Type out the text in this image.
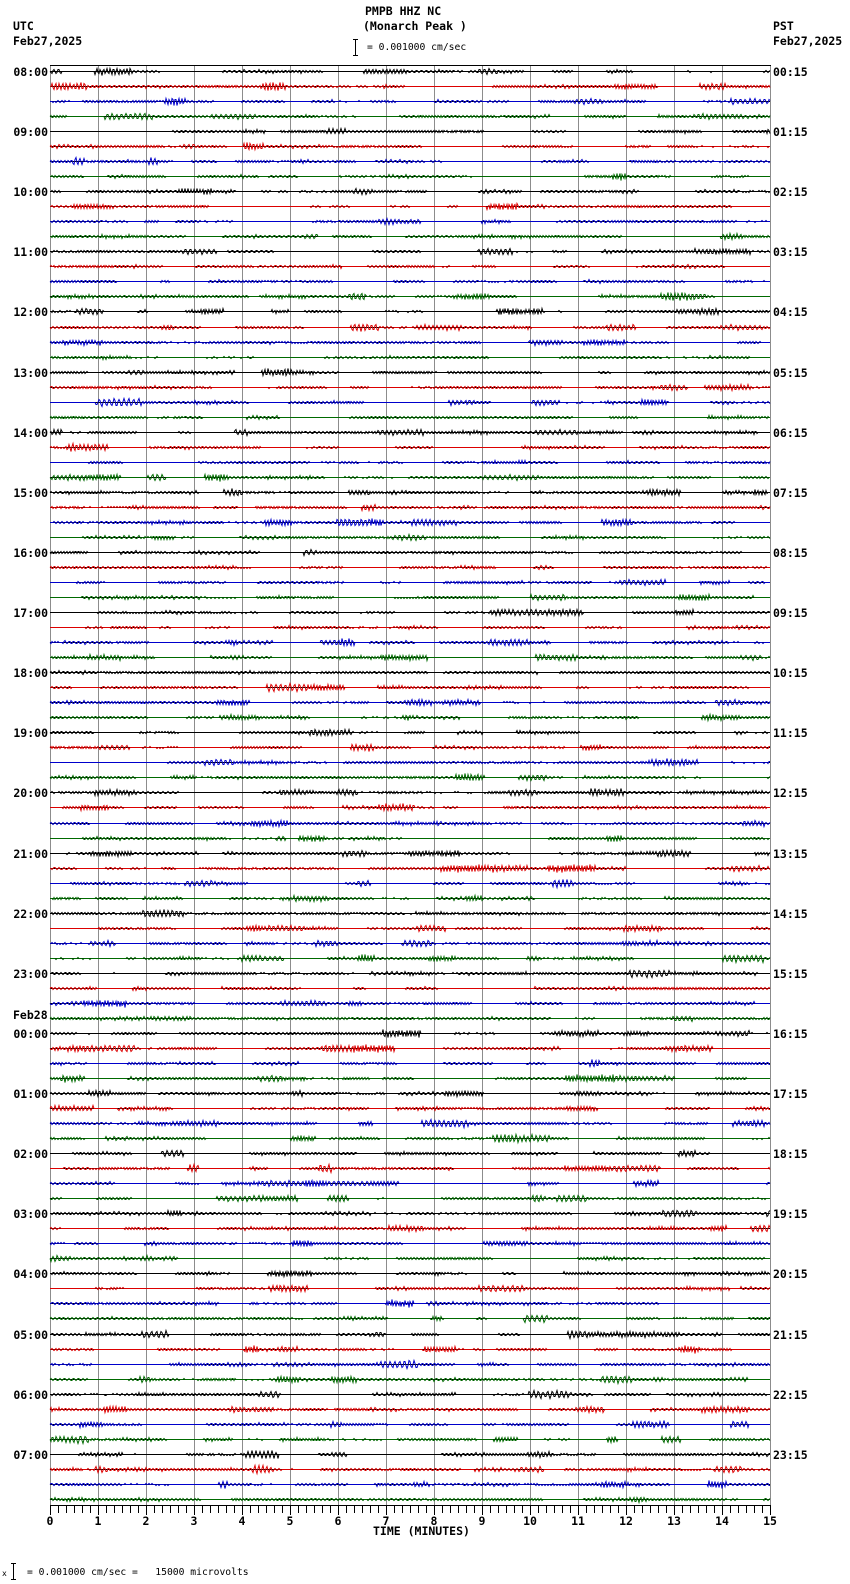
PMPB HHZ NC
(Monarch Peak )
= 0.001000 cm/sec
UTC
Feb27,2025
PST
Feb27,2025
08:00
09:00
10:00
11:00
12:00
13:00
14:00
15:00
16:00
17:00
18:00
19:00
20:00
21:00
22:00
23:00
00:00
01:00
02:00
03:00
04:00
05:00
06:00
07:00
Feb28
00:15
01:15
02:15
03:15
04:15
05:15
06:15
07:15
08:15
09:15
10:15
11:15
12:15
13:15
14:15
15:15
16:15
17:15
18:15
19:15
20:15
21:15
22:15
23:15
0	1	2	3	4	5	6	7	8	9	10	11	12	13	14	15
TIME (MINUTES)
x = 0.001000 cm/sec =   15000 microvolts
